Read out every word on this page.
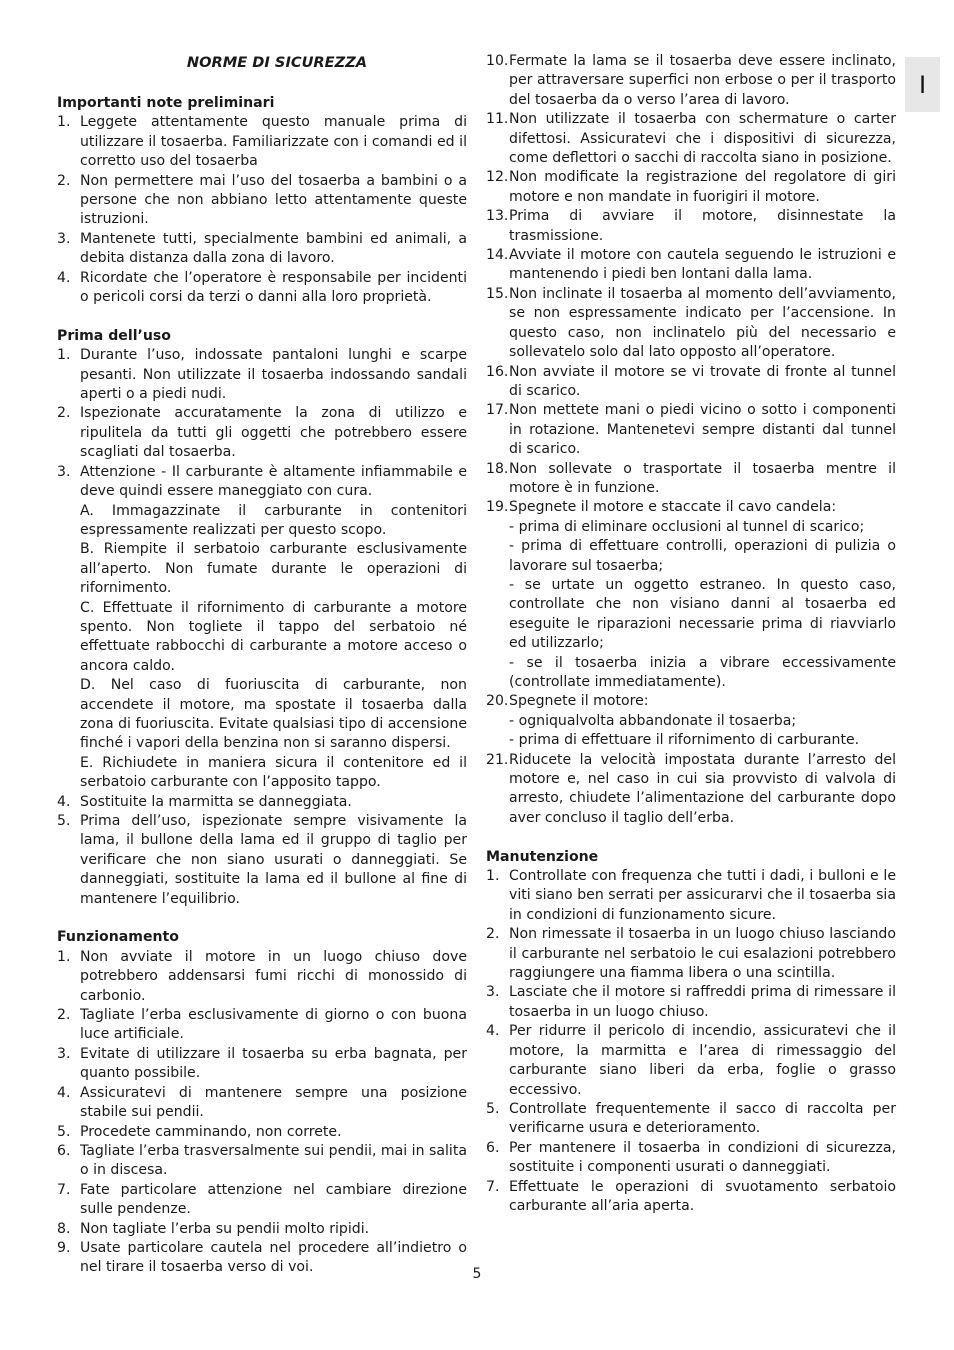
I
NORME DI SICUREZZA
Importanti note preliminari
1. Leggete attentamente questo manuale prima di utilizzare il tosaerba. Familiarizzate con i comandi ed il corretto uso del tosaerba
2. Non permettere mai l’uso del tosaerba a bambini o a persone che non abbiano letto attentamente queste istruzioni.
3. Mantenete tutti, specialmente bambini ed animali, a debita distanza dalla zona di lavoro.
4. Ricordate che l’operatore è responsabile per incidenti o pericoli corsi da terzi o danni alla loro proprietà.
Prima dell’uso
1. Durante l’uso, indossate pantaloni lunghi e scarpe pesanti. Non utilizzate il tosaerba indossando sandali aperti o a piedi nudi.
2. Ispezionate accuratamente la zona di utilizzo e ripulitela da tutti gli oggetti che potrebbero essere scagliati dal tosaerba.
3. Attenzione - Il carburante è altamente infiammabile e deve quindi essere maneggiato con cura.
A. Immagazzinate il carburante in contenitori espressamente realizzati per questo scopo.
B. Riempite il serbatoio carburante esclusivamente all’aperto. Non fumate durante le operazioni di rifornimento.
C. Effettuate il rifornimento di carburante a motore spento. Non togliete il tappo del serbatoio né effettuate rabbocchi di carburante a motore acceso o ancora caldo.
D. Nel caso di fuoriuscita di carburante, non accendete il motore, ma spostate il tosaerba dalla zona di fuoriuscita. Evitate qualsiasi tipo di accensione finché i vapori della benzina non si saranno dispersi.
E. Richiudete in maniera sicura il contenitore ed il serbatoio carburante con l’apposito tappo.
4. Sostituite la marmitta se danneggiata.
5. Prima dell’uso, ispezionate sempre visivamente la lama, il bullone della lama ed il gruppo di taglio per verificare che non siano usurati o danneggiati. Se danneggiati, sostituite la lama ed il bullone al fine di mantenere l’equilibrio.
Funzionamento
1. Non avviate il motore in un luogo chiuso dove potrebbero addensarsi fumi ricchi di monossido di carbonio.
2. Tagliate l’erba esclusivamente di giorno o con buona luce artificiale.
3. Evitate di utilizzare il tosaerba su erba bagnata, per quanto possibile.
4. Assicuratevi di mantenere sempre una posizione stabile sui pendii.
5. Procedete camminando, non correte.
6. Tagliate l’erba trasversalmente sui pendii, mai in salita o in discesa.
7. Fate particolare attenzione nel cambiare direzione sulle pendenze.
8. Non tagliate l’erba su pendii molto ripidi.
9. Usate particolare cautela nel procedere all’indietro o nel tirare il tosaerba verso di voi.
10. Fermate la lama se il tosaerba deve essere inclinato, per attraversare superfici non erbose o per il trasporto del tosaerba da o verso l’area di lavoro.
11. Non utilizzate il tosaerba con schermature o carter difettosi. Assicuratevi che i dispositivi di sicurezza, come deflettori o sacchi di raccolta siano in posizione.
12. Non modificate la registrazione del regolatore di giri motore e non mandate in fuorigiri il motore.
13. Prima di avviare il motore, disinnestate la trasmissione.
14. Avviate il motore con cautela seguendo le istruzioni e mantenendo i piedi ben lontani dalla lama.
15. Non inclinate il tosaerba al momento dell’avviamento, se non espressamente indicato per l’accensione. In questo caso, non inclinatelo più del necessario e sollevatelo solo dal lato opposto all’operatore.
16. Non avviate il motore se vi trovate di fronte al tunnel di scarico.
17. Non mettete mani o piedi vicino o sotto i componenti in rotazione. Mantenetevi sempre distanti dal tunnel di scarico.
18. Non sollevate o trasportate il tosaerba mentre il motore è in funzione.
19. Spegnete il motore e staccate il cavo candela:
- prima di eliminare occlusioni al tunnel di scarico;
- prima di effettuare controlli, operazioni di pulizia o lavorare sul tosaerba;
- se urtate un oggetto estraneo. In questo caso, controllate che non visiano danni al tosaerba ed eseguite le riparazioni necessarie prima di riavviarlo ed utilizzarlo;
- se il tosaerba inizia a vibrare eccessivamente (controllate immediatamente).
20. Spegnete il motore:
- ogniqualvolta abbandonate il tosaerba;
- prima di effettuare il rifornimento di carburante.
21. Riducete la velocità impostata durante l’arresto del motore e, nel caso in cui sia provvisto di valvola di arresto, chiudete l’alimentazione del carburante dopo aver concluso il taglio dell’erba.
Manutenzione
1. Controllate con frequenza che tutti i dadi, i bulloni e le viti siano ben serrati per assicurarvi che il tosaerba sia in condizioni di funzionamento sicure.
2. Non rimessate il tosaerba in un luogo chiuso lasciando il carburante nel serbatoio le cui esalazioni potrebbero raggiungere una fiamma libera o una scintilla.
3. Lasciate che il motore si raffreddi prima di rimessare il tosaerba in un luogo chiuso.
4. Per ridurre il pericolo di incendio, assicuratevi che il motore, la marmitta e l’area di rimessaggio del carburante siano liberi da erba, foglie o grasso eccessivo.
5. Controllate frequentemente il sacco di raccolta per verificarne usura e deterioramento.
6. Per mantenere il tosaerba in condizioni di sicurezza, sostituite i componenti usurati o danneggiati.
7. Effettuate le operazioni di svuotamento serbatoio carburante all’aria aperta.
5
